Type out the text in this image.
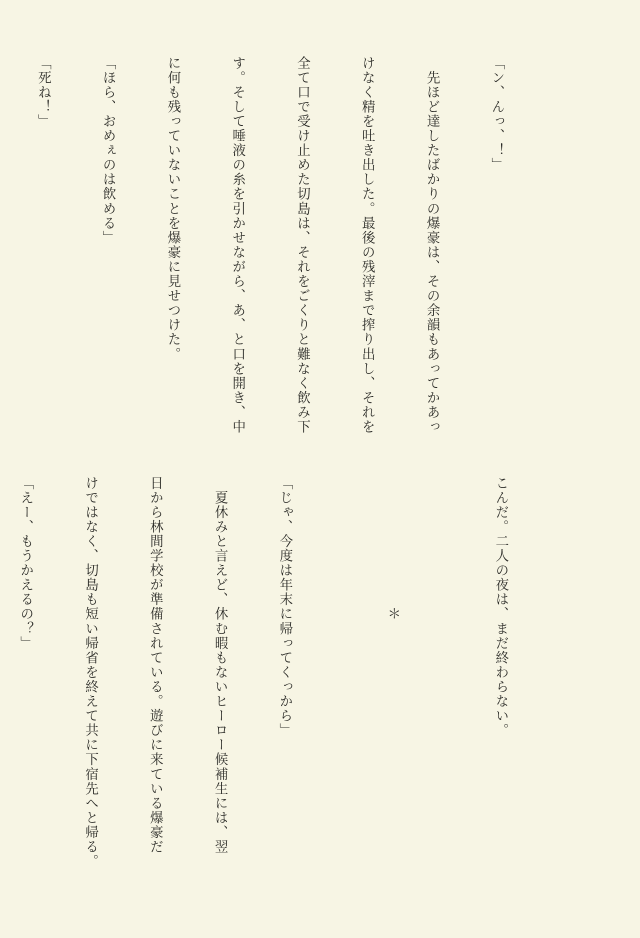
「ン、んっ、！」

　先ほど達したばかりの爆豪は、その余韻もあってかあっ

けなく精を吐き出した。最後の残滓まで搾り出し、それを

全て口で受け止めた切島は、それをごくりと難なく飲み下

す。そして唾液の糸を引かせながら、あ、と口を開き、中

に何も残っていないことを爆豪に見せつけた。

「ほら、おめぇのは飲める」

「死ね！」

こんだ。二人の夜は、まだ終わらない。

　　　　　　　　　＊

「じゃ、今度は年末に帰ってくっから」

　夏休みと言えど、休む暇もないヒーロー候補生には、翌

日から林間学校が準備されている。遊びに来ている爆豪だ

けではなく、切島も短い帰省を終えて共に下宿先へと帰る。

「えー、もうかえるの？」
